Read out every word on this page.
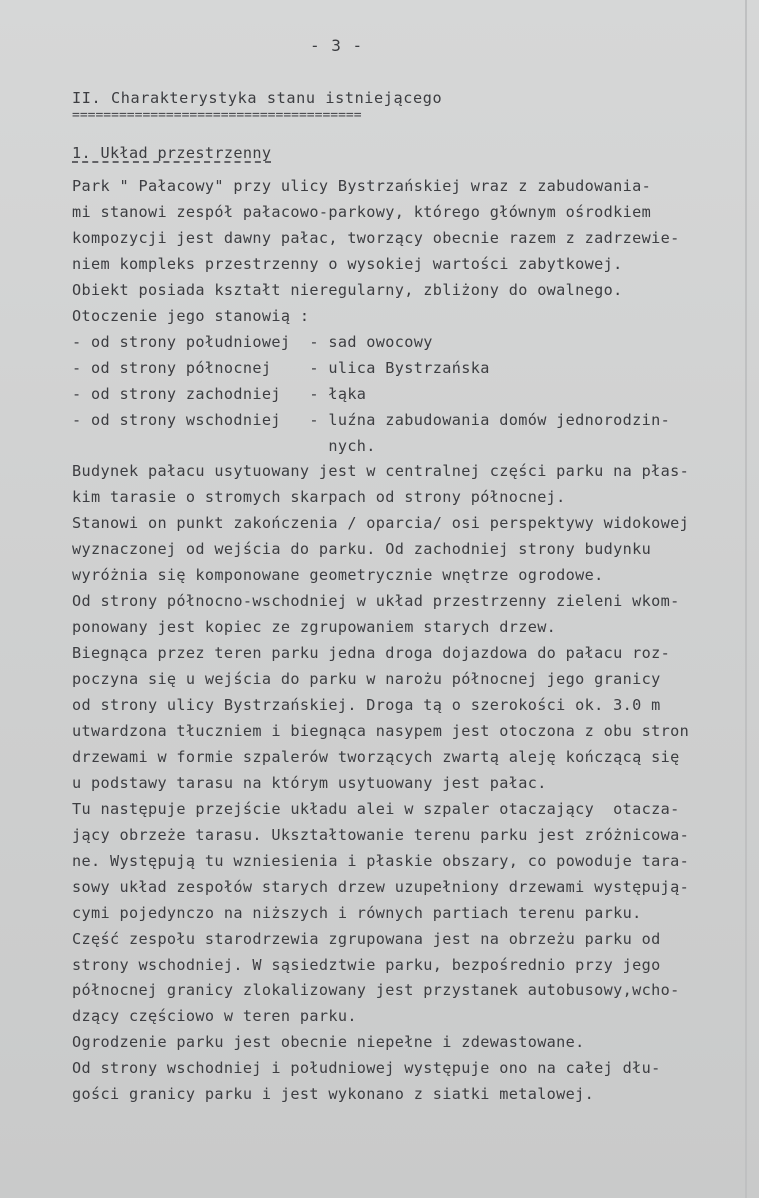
- 3 -
II. Charakterystyka stanu istniejącego
=====================================
1. Układ przestrzenny
Park " Pałacowy" przy ulicy Bystrzańskiej wraz z zabudowania-
mi stanowi zespół pałacowo-parkowy, którego głównym ośrodkiem
kompozycji jest dawny pałac, tworzący obecnie razem z zadrzewie-
niem kompleks przestrzenny o wysokiej wartości zabytkowej.
Obiekt posiada kształt nieregularny, zbliżony do owalnego.
Otoczenie jego stanowią :
- od strony południowej  - sad owocowy
- od strony północnej    - ulica Bystrzańska
- od strony zachodniej   - łąka
- od strony wschodniej   - luźna zabudowania domów jednorodzin-
nych.
Budynek pałacu usytuowany jest w centralnej części parku na płas-
kim tarasie o stromych skarpach od strony północnej.
Stanowi on punkt zakończenia / oparcia/ osi perspektywy widokowej
wyznaczonej od wejścia do parku. Od zachodniej strony budynku
wyróżnia się komponowane geometrycznie wnętrze ogrodowe.
Od strony północno-wschodniej w układ przestrzenny zieleni wkom-
ponowany jest kopiec ze zgrupowaniem starych drzew.
Biegnąca przez teren parku jedna droga dojazdowa do pałacu roz-
poczyna się u wejścia do parku w narożu północnej jego granicy
od strony ulicy Bystrzańskiej. Droga tą o szerokości ok. 3.0 m
utwardzona tłuczniem i biegnąca nasypem jest otoczona z obu stron
drzewami w formie szpalerów tworzących zwartą aleję kończącą się
u podstawy tarasu na którym usytuowany jest pałac.
Tu następuje przejście układu alei w szpaler otaczający  otacza-
jący obrzeże tarasu. Ukształtowanie terenu parku jest zróżnicowa-
ne. Występują tu wzniesienia i płaskie obszary, co powoduje tara-
sowy układ zespołów starych drzew uzupełniony drzewami występują-
cymi pojedynczo na niższych i równych partiach terenu parku.
Część zespołu starodrzewia zgrupowana jest na obrzeżu parku od
strony wschodniej. W sąsiedztwie parku, bezpośrednio przy jego
północnej granicy zlokalizowany jest przystanek autobusowy,wcho-
dzący częściowo w teren parku.
Ogrodzenie parku jest obecnie niepełne i zdewastowane.
Od strony wschodniej i południowej występuje ono na całej dłu-
gości granicy parku i jest wykonano z siatki metalowej.
